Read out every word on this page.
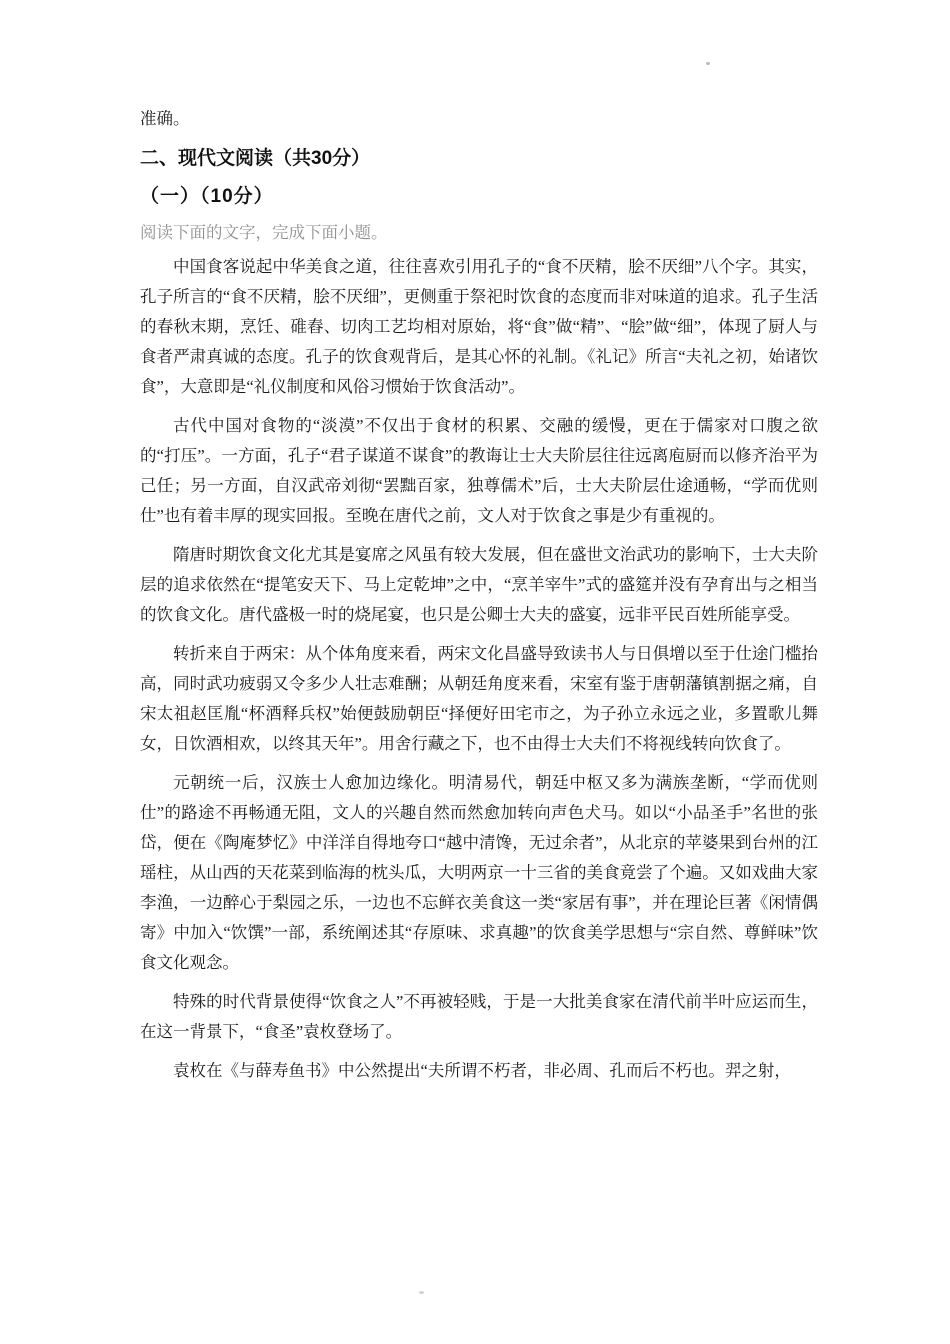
准确。

二、现代文阅读（共30分）
（一）（10分）

阅读下面的文字，完成下面小题。

中国食客说起中华美食之道，往往喜欢引用孔子的“食不厌精，脍不厌细”八个字。其实，孔子所言的“食不厌精，脍不厌细”，更侧重于祭祀时饮食的态度而非对味道的追求。孔子生活的春秋末期，烹饪、碓舂、切肉工艺均相对原始，将“食”做“精”、“脍”做“细”，体现了厨人与食者严肃真诚的态度。孔子的饮食观背后，是其心怀的礼制。《礼记》所言“夫礼之初，始诸饮食”，大意即是“礼仪制度和风俗习惯始于饮食活动”。

古代中国对食物的“淡漠”不仅出于食材的积累、交融的缓慢，更在于儒家对口腹之欲的“打压”。一方面，孔子“君子谋道不谋食”的教诲让士大夫阶层往往远离庖厨而以修齐治平为己任；另一方面，自汉武帝刘彻“罢黜百家，独尊儒术”后，士大夫阶层仕途通畅，“学而优则仕”也有着丰厚的现实回报。至晚在唐代之前，文人对于饮食之事是少有重视的。

隋唐时期饮食文化尤其是宴席之风虽有较大发展，但在盛世文治武功的影响下，士大夫阶层的追求依然在“提笔安天下、马上定乾坤”之中，“烹羊宰牛”式的盛筵并没有孕育出与之相当的饮食文化。唐代盛极一时的烧尾宴，也只是公卿士大夫的盛宴，远非平民百姓所能享受。

转折来自于两宋：从个体角度来看，两宋文化昌盛导致读书人与日俱增以至于仕途门槛抬高，同时武功疲弱又令多少人壮志难酬；从朝廷角度来看，宋室有鉴于唐朝藩镇割据之痛，自宋太祖赵匡胤“杯酒释兵权”始便鼓励朝臣“择便好田宅市之，为子孙立永远之业，多置歌儿舞女，日饮酒相欢，以终其天年”。用舍行藏之下，也不由得士大夫们不将视线转向饮食了。

元朝统一后，汉族士人愈加边缘化。明清易代，朝廷中枢又多为满族垄断，“学而优则仕”的路途不再畅通无阻，文人的兴趣自然而然愈加转向声色犬马。如以“小品圣手”名世的张岱，便在《陶庵梦忆》中洋洋自得地夸口“越中清馋，无过余者”，从北京的苹婆果到台州的江瑶柱，从山西的天花菜到临海的枕头瓜，大明两京一十三省的美食竟尝了个遍。又如戏曲大家李渔，一边醉心于梨园之乐，一边也不忘鲜衣美食这一类“家居有事”，并在理论巨著《闲情偶寄》中加入“饮馔”一部，系统阐述其“存原味、求真趣”的饮食美学思想与“宗自然、尊鲜味”饮食文化观念。

特殊的时代背景使得“饮食之人”不再被轻贱，于是一大批美食家在清代前半叶应运而生，在这一背景下，“食圣”袁枚登场了。

袁枚在《与薛寿鱼书》中公然提出“夫所谓不朽者，非必周、孔而后不朽也。羿之射，
